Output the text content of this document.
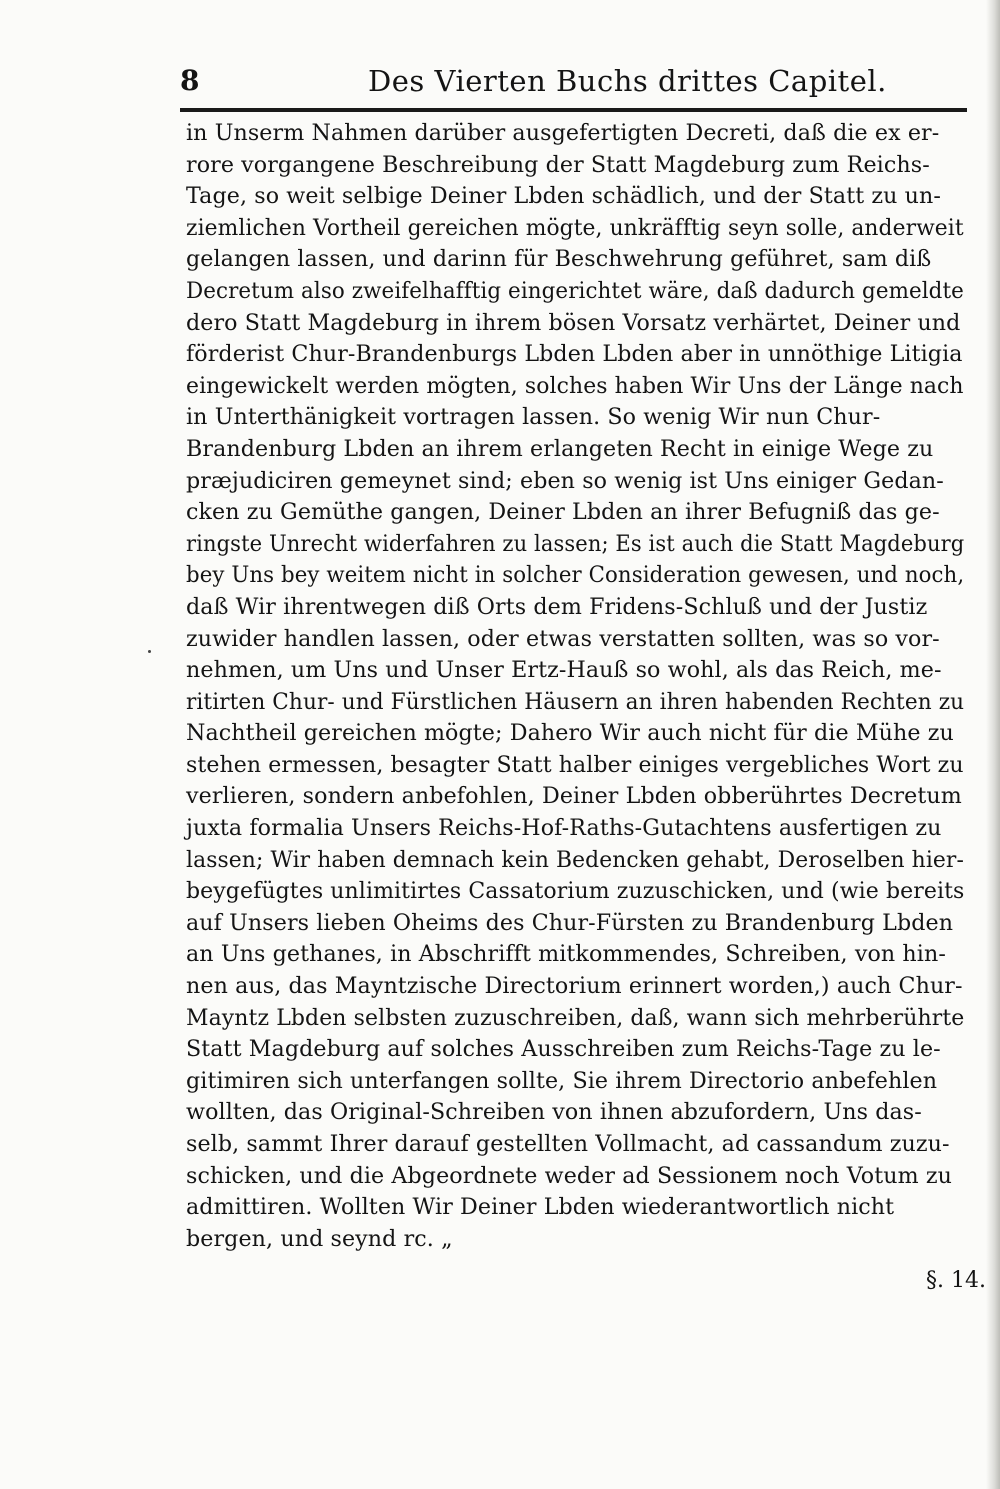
8	Des Vierten Buchs drittes Capitel.
in Unserm Nahmen darüber ausgefertigten Decreti, daß die ex er-
rore vorgangene Beschreibung der Statt Magdeburg zum Reichs-
Tage, so weit selbige Deiner Lbden schädlich, und der Statt zu un-
ziemlichen Vortheil gereichen mögte, unkräfftig seyn solle, anderweit
gelangen lassen, und darinn für Beschwehrung geführet, sam diß
Decretum also zweifelhafftig eingerichtet wäre, daß dadurch gemeldte
dero Statt Magdeburg in ihrem bösen Vorsatz verhärtet, Deiner und
förderist Chur-Brandenburgs Lbden Lbden aber in unnöthige Litigia
eingewickelt werden mögten, solches haben Wir Uns der Länge nach
in Unterthänigkeit vortragen lassen. So wenig Wir nun Chur-
Brandenburg Lbden an ihrem erlangeten Recht in einige Wege zu
præjudiciren gemeynet sind; eben so wenig ist Uns einiger Gedan-
cken zu Gemüthe gangen, Deiner Lbden an ihrer Befugniß das ge-
ringste Unrecht widerfahren zu lassen; Es ist auch die Statt Magdeburg
bey Uns bey weitem nicht in solcher Consideration gewesen, und noch,
daß Wir ihrentwegen diß Orts dem Fridens-Schluß und der Justiz
zuwider handlen lassen, oder etwas verstatten sollten, was so vor-
nehmen, um Uns und Unser Ertz-Hauß so wohl, als das Reich, me-
ritirten Chur- und Fürstlichen Häusern an ihren habenden Rechten zu
Nachtheil gereichen mögte; Dahero Wir auch nicht für die Mühe zu
stehen ermessen, besagter Statt halber einiges vergebliches Wort zu
verlieren, sondern anbefohlen, Deiner Lbden obberührtes Decretum
juxta formalia Unsers Reichs-Hof-Raths-Gutachtens ausfertigen zu
lassen; Wir haben demnach kein Bedencken gehabt, Deroselben hier-
beygefügtes unlimitirtes Cassatorium zuzuschicken, und (wie bereits
auf Unsers lieben Oheims des Chur-Fürsten zu Brandenburg Lbden
an Uns gethanes, in Abschrifft mitkommendes, Schreiben, von hin-
nen aus, das Mayntzische Directorium erinnert worden,) auch Chur-
Mayntz Lbden selbsten zuzuschreiben, daß, wann sich mehrberührte
Statt Magdeburg auf solches Ausschreiben zum Reichs-Tage zu le-
gitimiren sich unterfangen sollte, Sie ihrem Directorio anbefehlen
wollten, das Original-Schreiben von ihnen abzufordern, Uns das-
selb, sammt Ihrer darauf gestellten Vollmacht, ad cassandum zuzu-
schicken, und die Abgeordnete weder ad Sessionem noch Votum zu
admittiren. Wollten Wir Deiner Lbden wiederantwortlich nicht
bergen, und seynd rc. „
§. 14.
